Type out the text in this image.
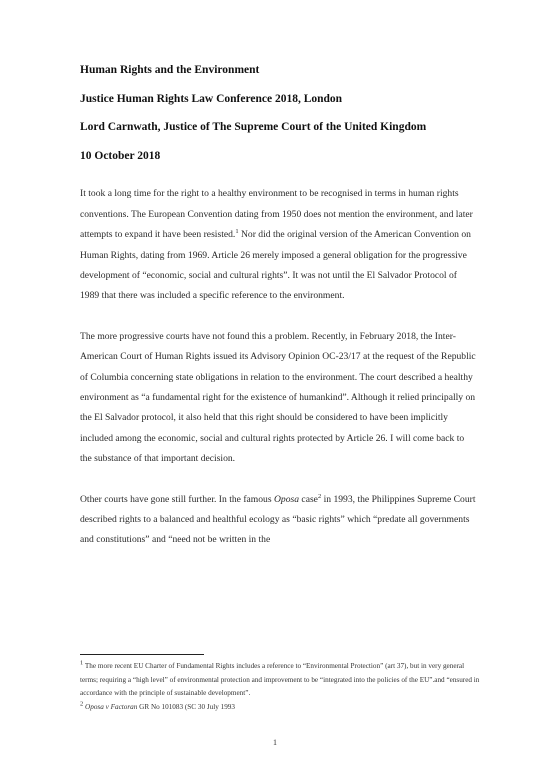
Human Rights and the Environment

Justice Human Rights Law Conference 2018, London

Lord Carnwath, Justice of The Supreme Court of the United Kingdom

10 October 2018

It took a long time for the right to a healthy environment to be recognised in terms in human rights conventions. The European Convention dating from 1950 does not mention the environment, and later attempts to expand it have been resisted.$^1$ Nor did the original version of the American Convention on Human Rights, dating from 1969. Article 26 merely imposed a general obligation for the progressive development of “economic, social and cultural rights”. It was not until the El Salvador Protocol of 1989 that there was included a specific reference to the environment.

The more progressive courts have not found this a problem. Recently, in February 2018, the Inter-American Court of Human Rights issued its Advisory Opinion OC-23/17 at the request of the Republic of Columbia concerning state obligations in relation to the environment. The court described a healthy environment as “a fundamental right for the existence of humankind”. Although it relied principally on the El Salvador protocol, it also held that this right should be considered to have been implicitly included among the economic, social and cultural rights protected by Article 26. I will come back to the substance of that important decision.

Other courts have gone still further. In the famous Oposa case$^2$ in 1993, the Philippines Supreme Court described rights to a balanced and healthful ecology as “basic rights” which “predate all governments and constitutions” and “need not be written in the

1 The more recent EU Charter of Fundamental Rights includes a reference to “Environmental Protection” (art 37), but in very general terms; requiring a “high level” of environmental protection and improvement to be “integrated into the policies of the EU”.and “ensured in accordance with the principle of sustainable development”.

2 Oposa v Factoran GR No 101083 (SC 30 July 1993

1
